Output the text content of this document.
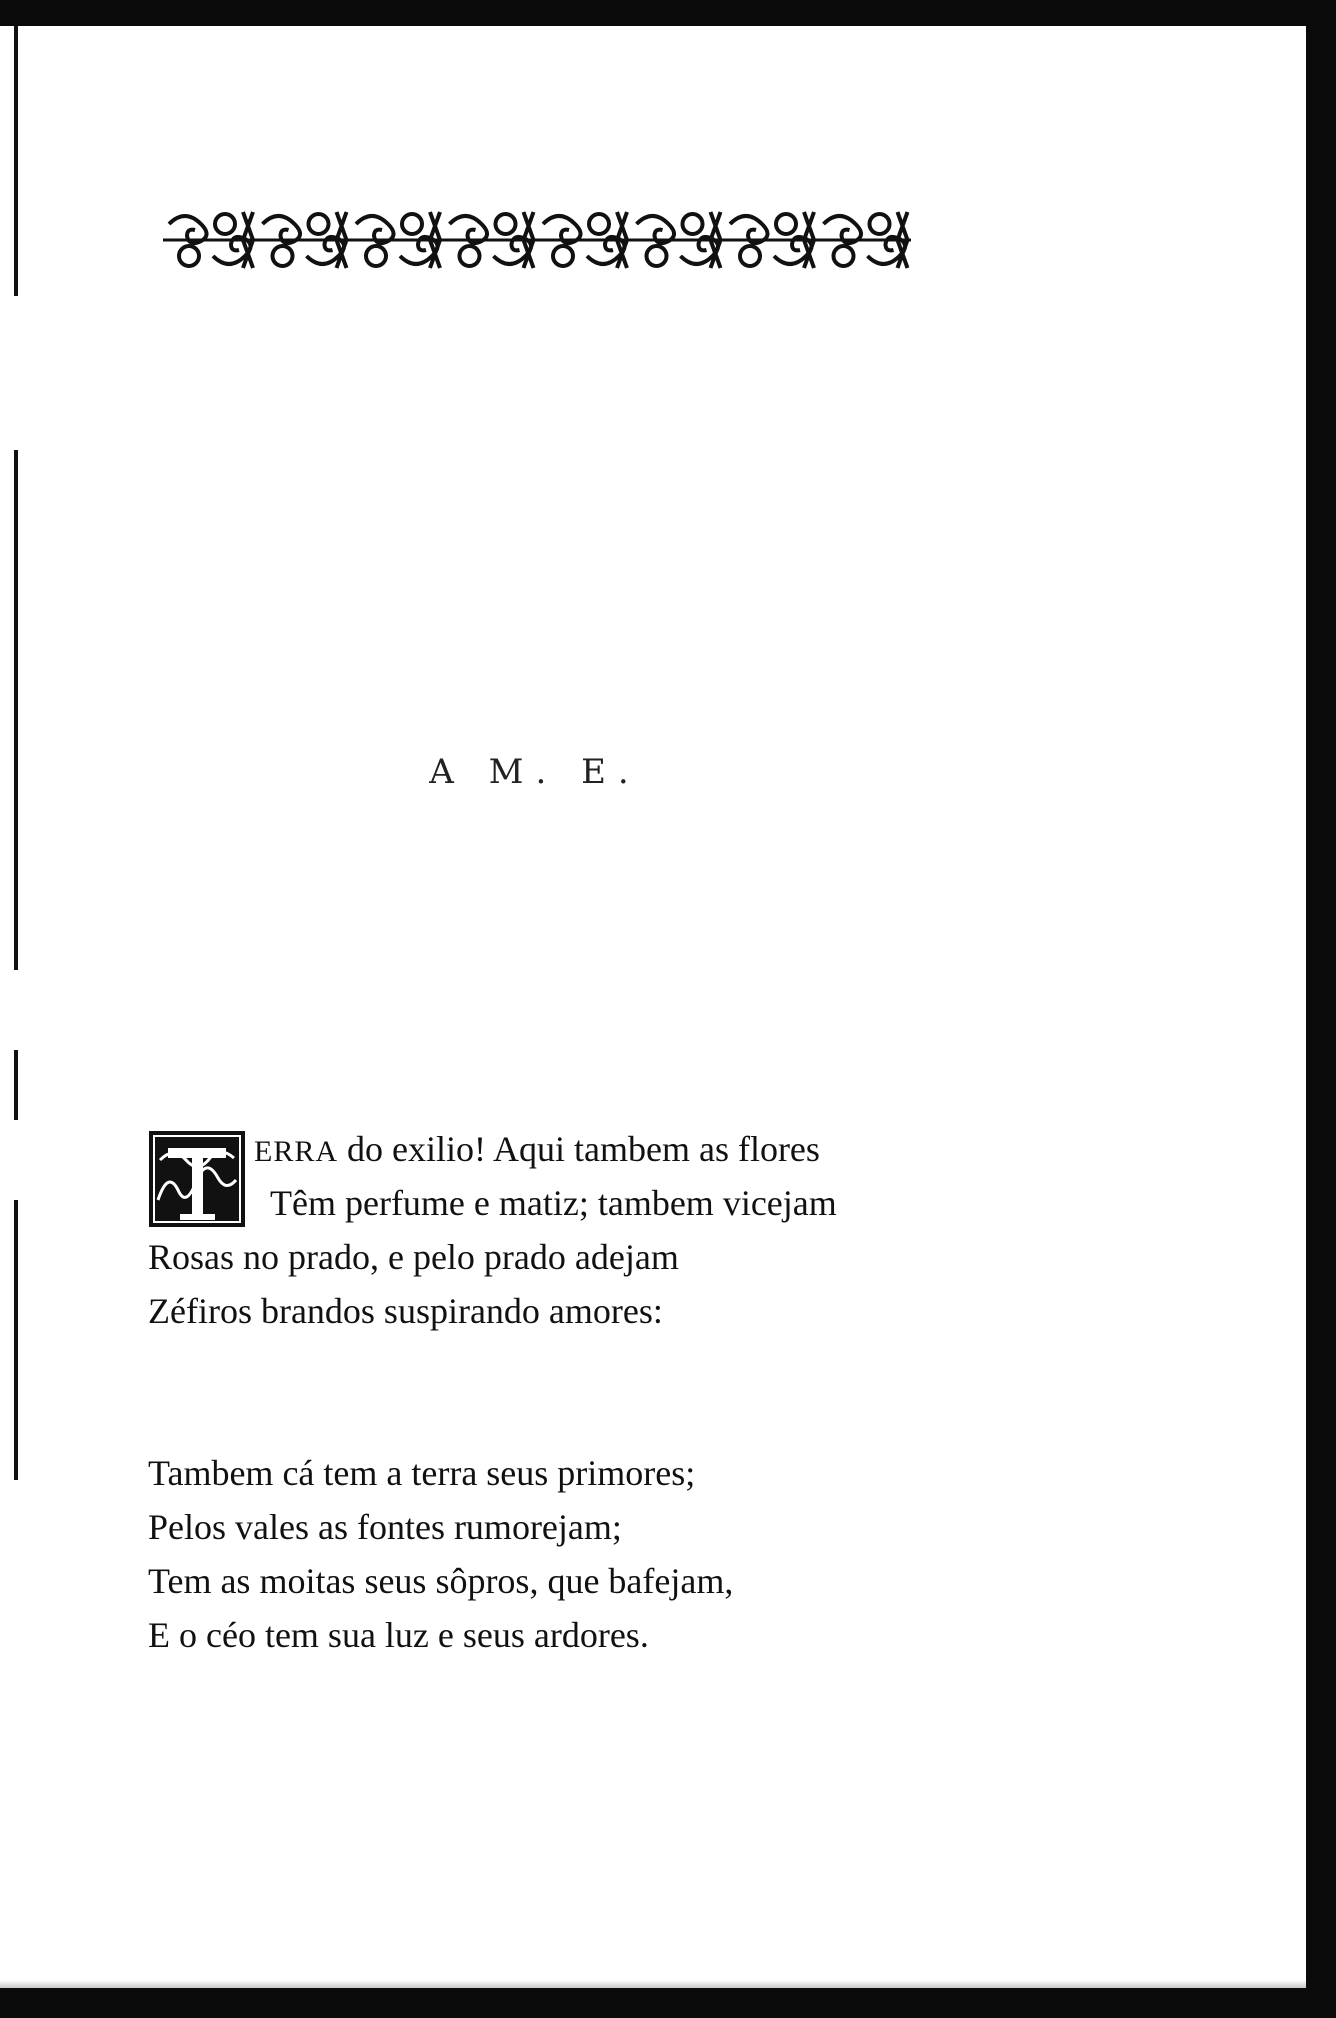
A M. E.
ERRA do exilio! Aqui tambem as flores
Têm perfume e matiz; tambem vicejam
Rosas no prado, e pelo prado adejam
Zéfiros brandos suspirando amores:
Tambem cá tem a terra seus primores;
Pelos vales as fontes rumorejam;
Tem as moitas seus sôpros, que bafejam,
E o céo tem sua luz e seus ardores.
